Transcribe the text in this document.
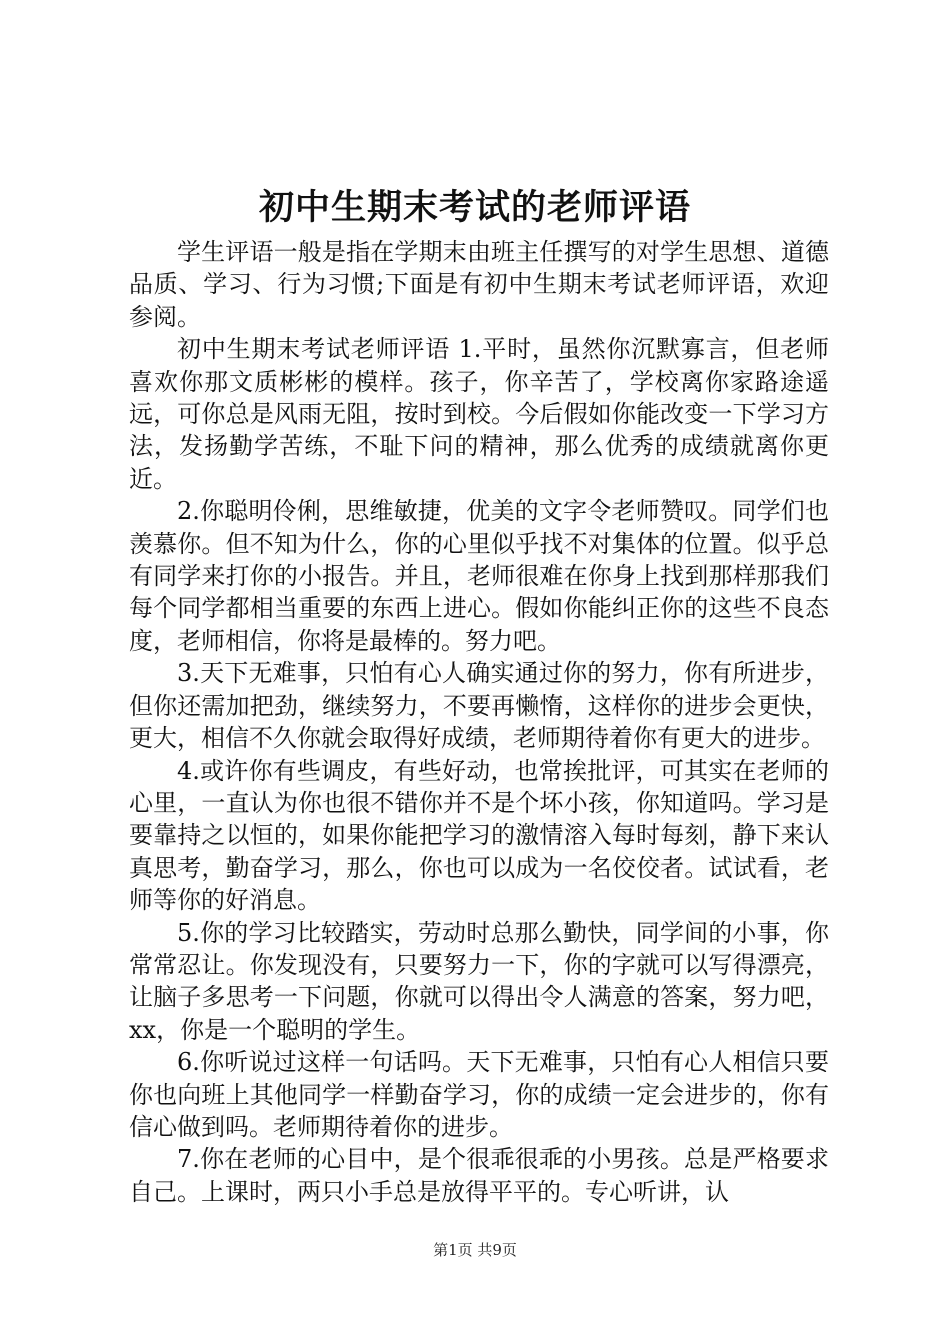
初中生期末考试的老师评语

学生评语一般是指在学期末由班主任撰写的对学生思想、道德品质、学习、行为习惯;下面是有初中生期末考试老师评语，欢迎参阅。

初中生期末考试老师评语 1.平时，虽然你沉默寡言，但老师喜欢你那文质彬彬的模样。孩子，你辛苦了，学校离你家路途遥远，可你总是风雨无阻，按时到校。今后假如你能改变一下学习方法，发扬勤学苦练，不耻下问的精神，那么优秀的成绩就离你更近。

2.你聪明伶俐，思维敏捷，优美的文字令老师赞叹。同学们也羡慕你。但不知为什么，你的心里似乎找不对集体的位置。似乎总有同学来打你的小报告。并且，老师很难在你身上找到那样那我们每个同学都相当重要的东西上进心。假如你能纠正你的这些不良态度，老师相信，你将是最棒的。努力吧。

3.天下无难事，只怕有心人确实通过你的努力，你有所进步，但你还需加把劲，继续努力，不要再懒惰，这样你的进步会更快，更大，相信不久你就会取得好成绩，老师期待着你有更大的进步。

4.或许你有些调皮，有些好动，也常挨批评，可其实在老师的心里，一直认为你也很不错你并不是个坏小孩，你知道吗。学习是要靠持之以恒的，如果你能把学习的激情溶入每时每刻，静下来认真思考，勤奋学习，那么，你也可以成为一名佼佼者。试试看，老师等你的好消息。

5.你的学习比较踏实，劳动时总那么勤快，同学间的小事，你常常忍让。你发现没有，只要努力一下，你的字就可以写得漂亮，让脑子多思考一下问题，你就可以得出令人满意的答案，努力吧，xx，你是一个聪明的学生。

6.你听说过这样一句话吗。天下无难事，只怕有心人相信只要你也向班上其他同学一样勤奋学习，你的成绩一定会进步的，你有信心做到吗。老师期待着你的进步。

7.你在老师的心目中，是个很乖很乖的小男孩。总是严格要求自己。上课时，两只小手总是放得平平的。专心听讲，认

第1页 共9页
